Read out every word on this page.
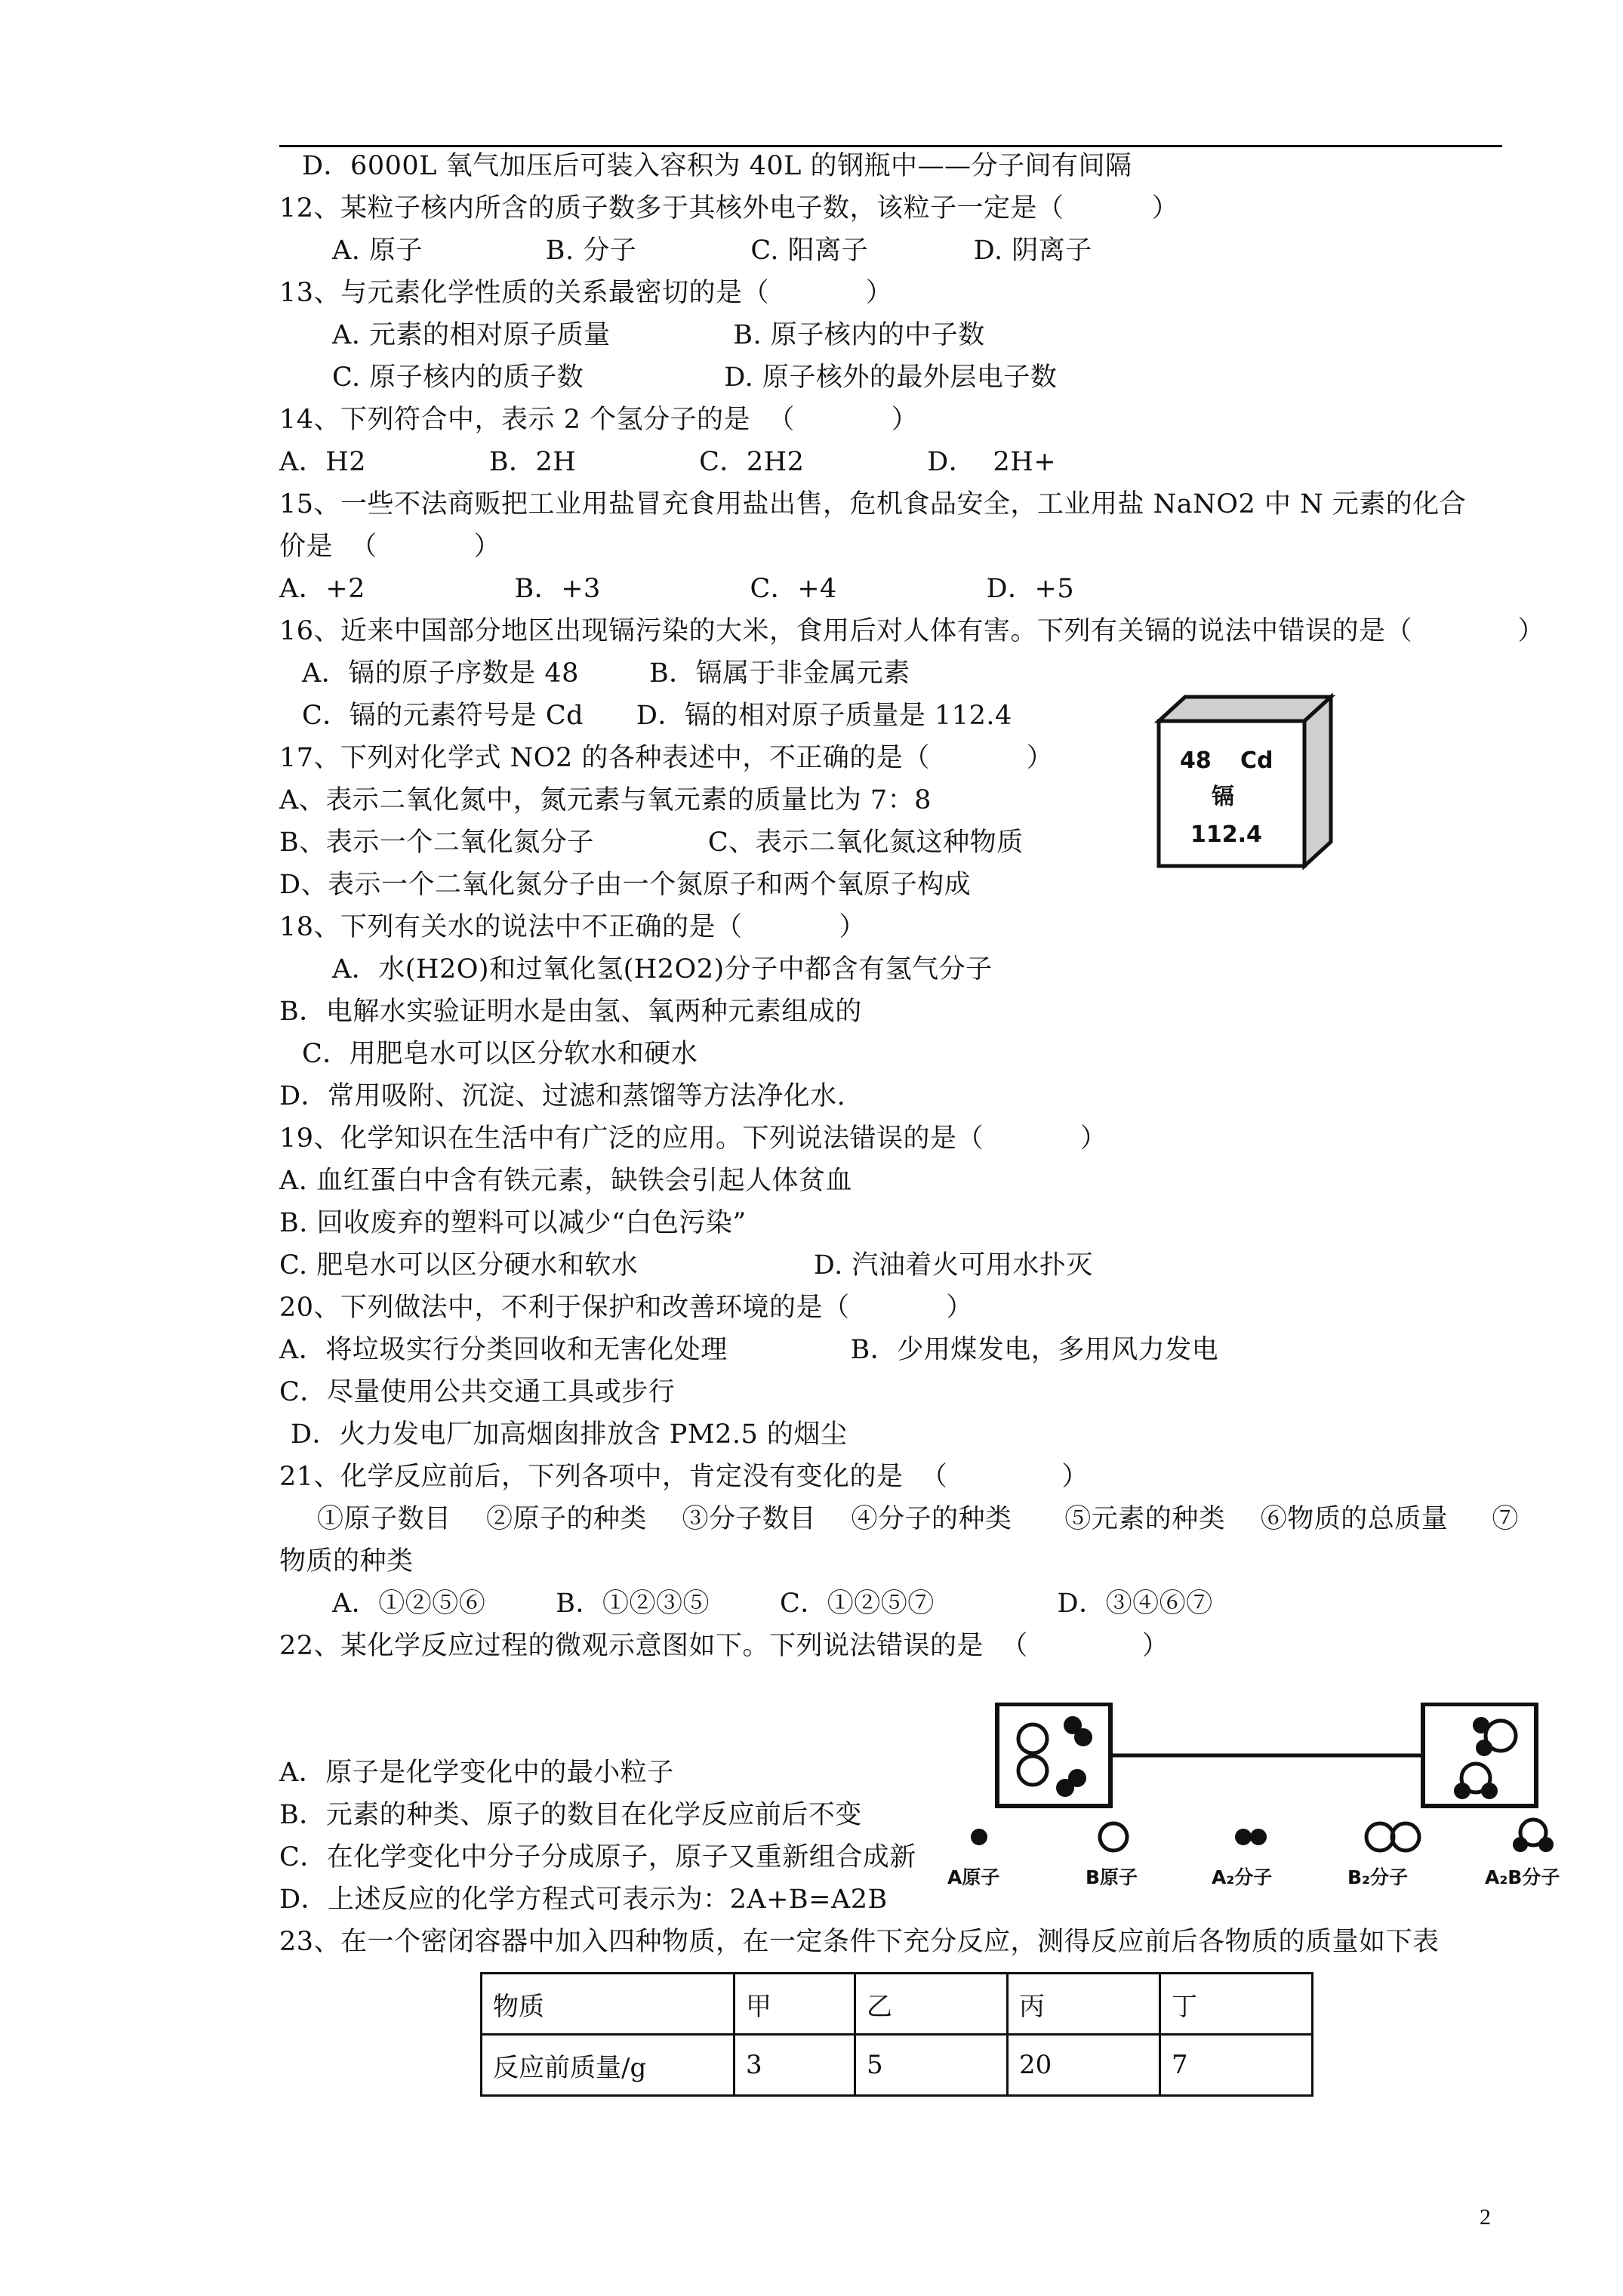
D．6000L 氧气加压后可装入容积为 40L 的钢瓶中——分子间有间隔
12、某粒子核内所含的质子数多于其核外电子数，该粒子一定是（          ）
A. 原子              B. 分子             C. 阳离子            D. 阴离子
13、与元素化学性质的关系最密切的是（           ）
A. 元素的相对原子质量              B. 原子核内的中子数
C. 原子核内的质子数                D. 原子核外的最外层电子数
14、下列符合中，表示 2 个氢分子的是  （           ）
A．H2              B．2H              C．2H2              D．  2H+
15、一些不法商贩把工业用盐冒充食用盐出售，危机食品安全，工业用盐 NaNO2 中 N 元素的化合
价是  （           ）
A．+2                 B．+3                 C．+4                 D．+5
16、近来中国部分地区出现镉污染的大米，食用后对人体有害。下列有关镉的说法中错误的是（            ）
A．镉的原子序数是 48        B．镉属于非金属元素
C．镉的元素符号是 Cd      D．镉的相对原子质量是 112.4
17、下列对化学式 NO2 的各种表述中，不正确的是（           ）
A、表示二氧化氮中，氮元素与氧元素的质量比为 7：8
B、表示一个二氧化氮分子             C、表示二氧化氮这种物质
D、表示一个二氧化氮分子由一个氮原子和两个氧原子构成
18、下列有关水的说法中不正确的是（           ）
A．水(H2O)和过氧化氢(H2O2)分子中都含有氢气分子
B．电解水实验证明水是由氢、氧两种元素组成的
C．用肥皂水可以区分软水和硬水
D．常用吸附、沉淀、过滤和蒸馏等方法净化水.
19、化学知识在生活中有广泛的应用。下列说法错误的是（           ）
A. 血红蛋白中含有铁元素，缺铁会引起人体贫血
B. 回收废弃的塑料可以减少“白色污染”
C. 肥皂水可以区分硬水和软水                    D. 汽油着火可用水扑灭
20、下列做法中，不利于保护和改善环境的是（           ）
A．将垃圾实行分类回收和无害化处理              B．少用煤发电，多用风力发电
C．尽量使用公共交通工具或步行
D．火力发电厂加高烟囱排放含 PM2.5 的烟尘
21、化学反应前后，下列各项中，肯定没有变化的是  （             ）
①原子数目    ②原子的种类    ③分子数目    ④分子的种类      ⑤元素的种类    ⑥物质的总质量     ⑦
物质的种类
A．①②⑤⑥        B．①②③⑤        C．①②⑤⑦              D．③④⑥⑦
22、某化学反应过程的微观示意图如下。下列说法错误的是  （             ）
A．原子是化学变化中的最小粒子
B．元素的种类、原子的数目在化学反应前后不变
C．在化学变化中分子分成原子，原子又重新组合成新
D．上述反应的化学方程式可表示为：2A+B=A2B
23、在一个密闭容器中加入四种物质，在一定条件下充分反应，测得反应前后各物质的质量如下表
48 Cd
镉
112.4
A原子	B原子	A₂分子	B₂分子	A₂B分子
物质	甲	乙	丙	丁
反应前质量/g	3	5	20	7
2
